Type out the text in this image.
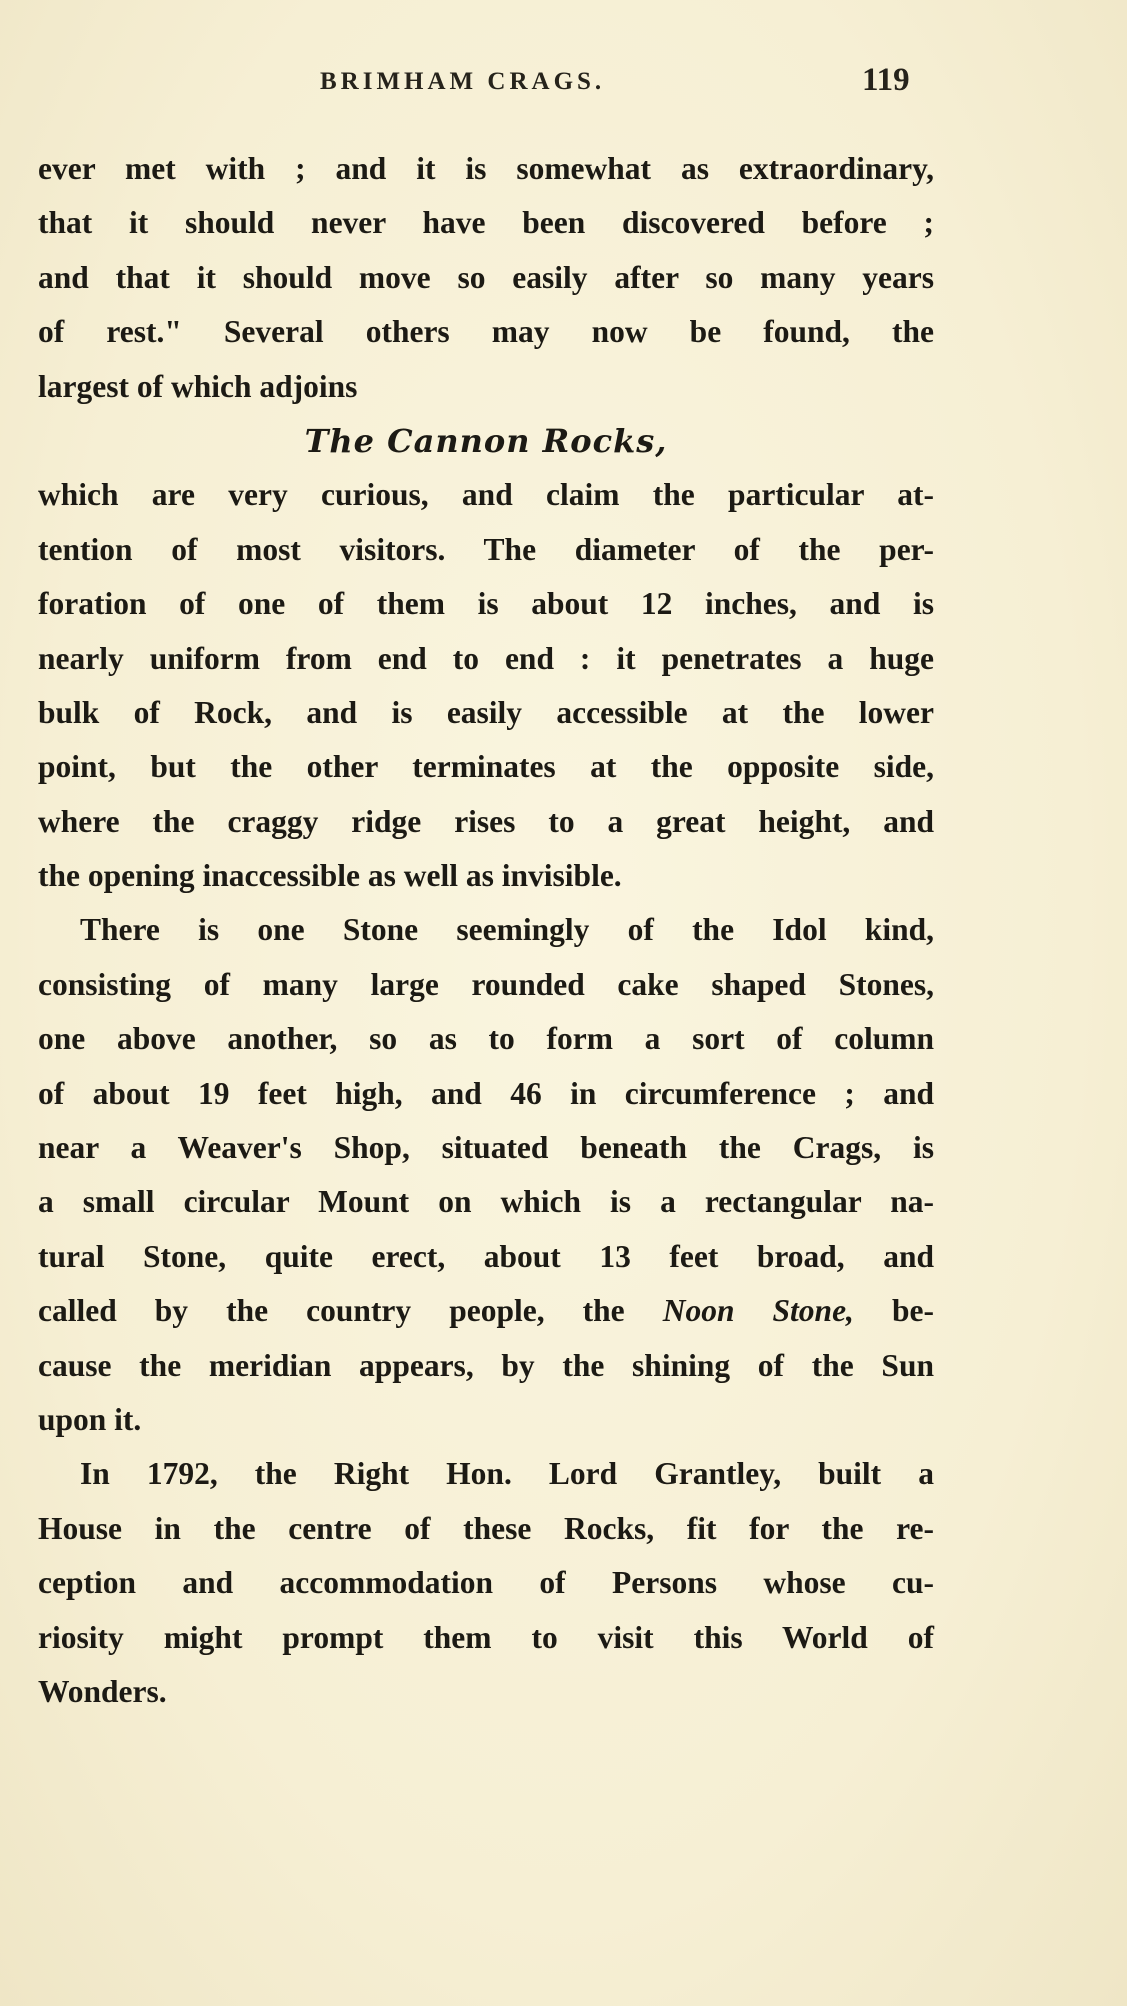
BRIMHAM CRAGS.	119
ever met with ; and it is somewhat as extraordinary,
that it should never have been discovered before ;
and that it should move so easily after so many years
of rest." Several others may now be found, the
largest of which adjoins
The Cannon Rocks,
which are very curious, and claim the particular at-
tention of most visitors. The diameter of the per-
foration of one of them is about 12 inches, and is
nearly uniform from end to end : it penetrates a huge
bulk of Rock, and is easily accessible at the lower
point, but the other terminates at the opposite side,
where the craggy ridge rises to a great height, and
the opening inaccessible as well as invisible.
There is one Stone seemingly of the Idol kind,
consisting of many large rounded cake shaped Stones,
one above another, so as to form a sort of column
of about 19 feet high, and 46 in circumference ; and
near a Weaver's Shop, situated beneath the Crags, is
a small circular Mount on which is a rectangular na-
tural Stone, quite erect, about 13 feet broad, and
called by the country people, the Noon Stone, be-
cause the meridian appears, by the shining of the Sun
upon it.
In 1792, the Right Hon. Lord Grantley, built a
House in the centre of these Rocks, fit for the re-
ception and accommodation of Persons whose cu-
riosity might prompt them to visit this World of
Wonders.
